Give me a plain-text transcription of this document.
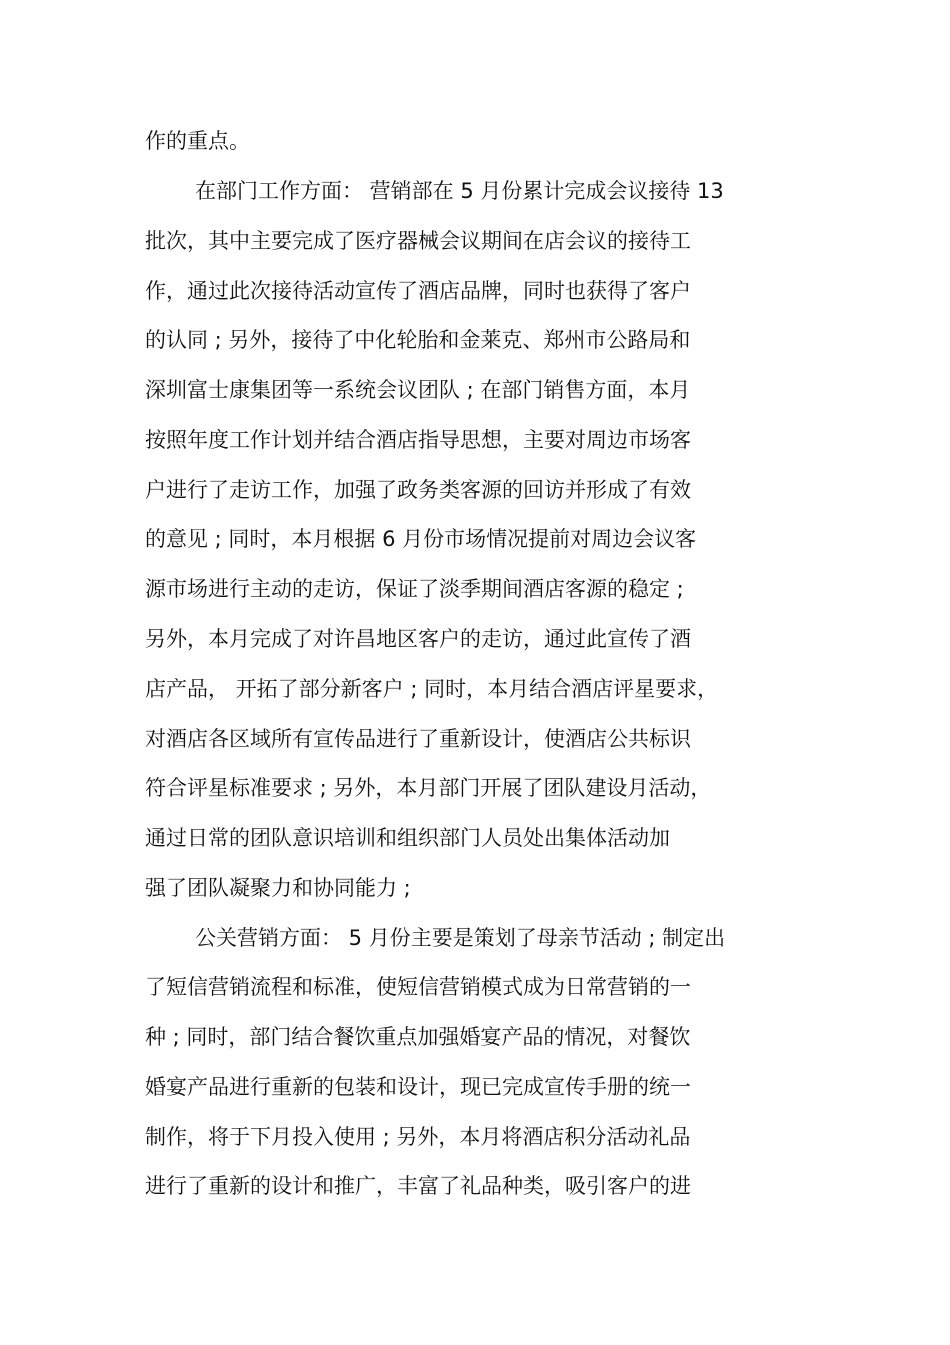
作的重点。
在部门工作方面： 营销部在 5 月份累计完成会议接待 13
批次，其中主要完成了医疗器械会议期间在店会议的接待工
作，通过此次接待活动宣传了酒店品牌，同时也获得了客户
的认同 ; 另外，接待了中化轮胎和金莱克、郑州市公路局和
深圳富士康集团等一系统会议团队 ; 在部门销售方面，本月
按照年度工作计划并结合酒店指导思想，主要对周边市场客
户进行了走访工作，加强了政务类客源的回访并形成了有效
的意见 ; 同时，本月根据 6 月份市场情况提前对周边会议客
源市场进行主动的走访，保证了淡季期间酒店客源的稳定 ;
另外，本月完成了对许昌地区客户的走访，通过此宣传了酒
店产品， 开拓了部分新客户 ; 同时，本月结合酒店评星要求，
对酒店各区域所有宣传品进行了重新设计，使酒店公共标识
符合评星标准要求 ; 另外，本月部门开展了团队建设月活动，
通过日常的团队意识培训和组织部门人员处出集体活动加
强了团队凝聚力和协同能力 ;
公关营销方面： 5 月份主要是策划了母亲节活动 ; 制定出
了短信营销流程和标准，使短信营销模式成为日常营销的一
种 ; 同时，部门结合餐饮重点加强婚宴产品的情况，对餐饮
婚宴产品进行重新的包装和设计，现已完成宣传手册的统一
制作，将于下月投入使用 ; 另外，本月将酒店积分活动礼品
进行了重新的设计和推广，丰富了礼品种类，吸引客户的进
